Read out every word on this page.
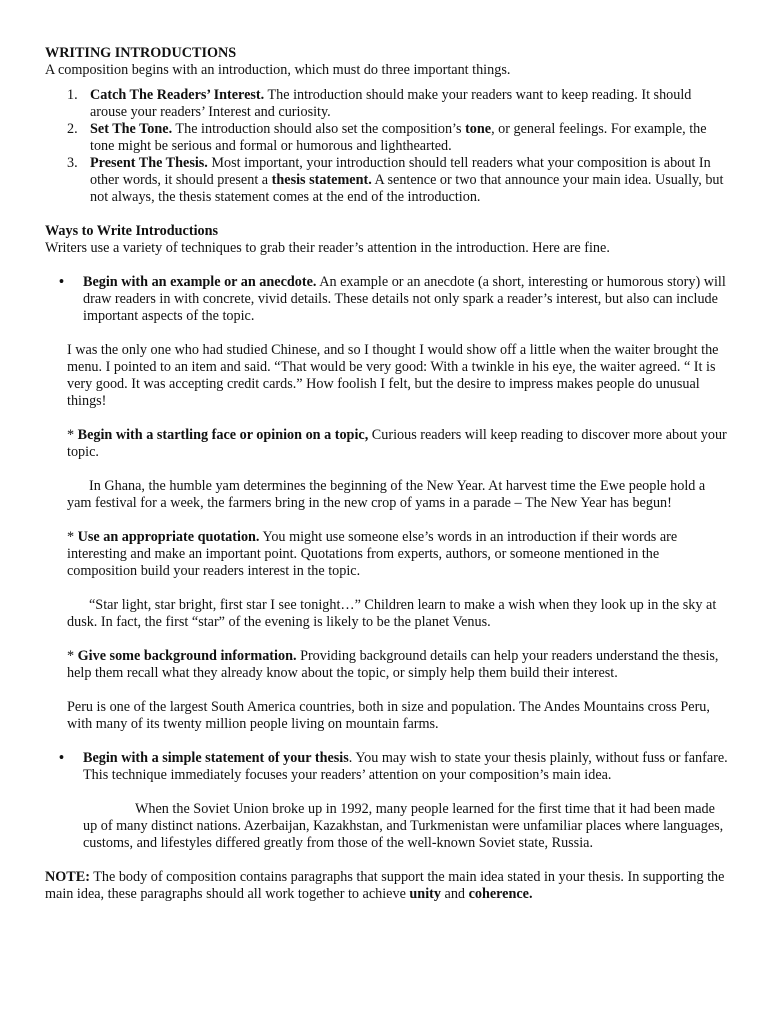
WRITING INTRODUCTIONS

A composition begins with an introduction, which must do three important things.

1. Catch The Readers’ Interest. The introduction should make your readers want to keep reading. It should arouse your readers’ Interest and curiosity.
2. Set The Tone. The introduction should also set the composition’s tone, or general feelings. For example, the tone might be serious and formal or humorous and lighthearted.
3. Present The Thesis. Most important, your introduction should tell readers what your composition is about In other words, it should present a thesis statement. A sentence or two that announce your main idea. Usually, but not always, the thesis statement comes at the end of the introduction.

Ways to Write Introductions

Writers use a variety of techniques to grab their reader’s attention in the introduction. Here are fine.

• Begin with an example or an anecdote. An example or an anecdote (a short, interesting or humorous story) will draw readers in with concrete, vivid details. These details not only spark a reader’s interest, but also can include important aspects of the topic.

I was the only one who had studied Chinese, and so I thought I would show off a little when the waiter brought the menu. I pointed to an item and said. “That would be very good: With a twinkle in his eye, the waiter agreed. “ It is very good. It was accepting credit cards.” How foolish I felt, but the desire to impress makes people do unusual things!

* Begin with a startling face or opinion on a topic, Curious readers will keep reading to discover more about your topic.

In Ghana, the humble yam determines the beginning of the New Year. At harvest time the Ewe people hold a yam festival for a week, the farmers bring in the new crop of yams in a parade – The New Year has begun!

* Use an appropriate quotation. You might use someone else’s words in an introduction if their words are interesting and make an important point. Quotations from experts, authors, or someone mentioned in the composition build your readers interest in the topic.

“Star light, star bright, first star I see tonight…” Children learn to make a wish when they look up in the sky at dusk. In fact, the first “star” of the evening is likely to be the planet Venus.

* Give some background information. Providing background details can help your readers understand the thesis, help them recall what they already know about the topic, or simply help them build their interest.

Peru is one of the largest South America countries, both in size and population. The Andes Mountains cross Peru, with many of its twenty million people living on mountain farms.

• Begin with a simple statement of your thesis. You may wish to state your thesis plainly, without fuss or fanfare. This technique immediately focuses your readers’ attention on your composition’s main idea.

When the Soviet Union broke up in 1992, many people learned for the first time that it had been made up of many distinct nations. Azerbaijan, Kazakhstan, and Turkmenistan were unfamiliar places where languages, customs, and lifestyles differed greatly from those of the well-known Soviet state, Russia.

NOTE: The body of composition contains paragraphs that support the main idea stated in your thesis. In supporting the main idea, these paragraphs should all work together to achieve unity and coherence.
